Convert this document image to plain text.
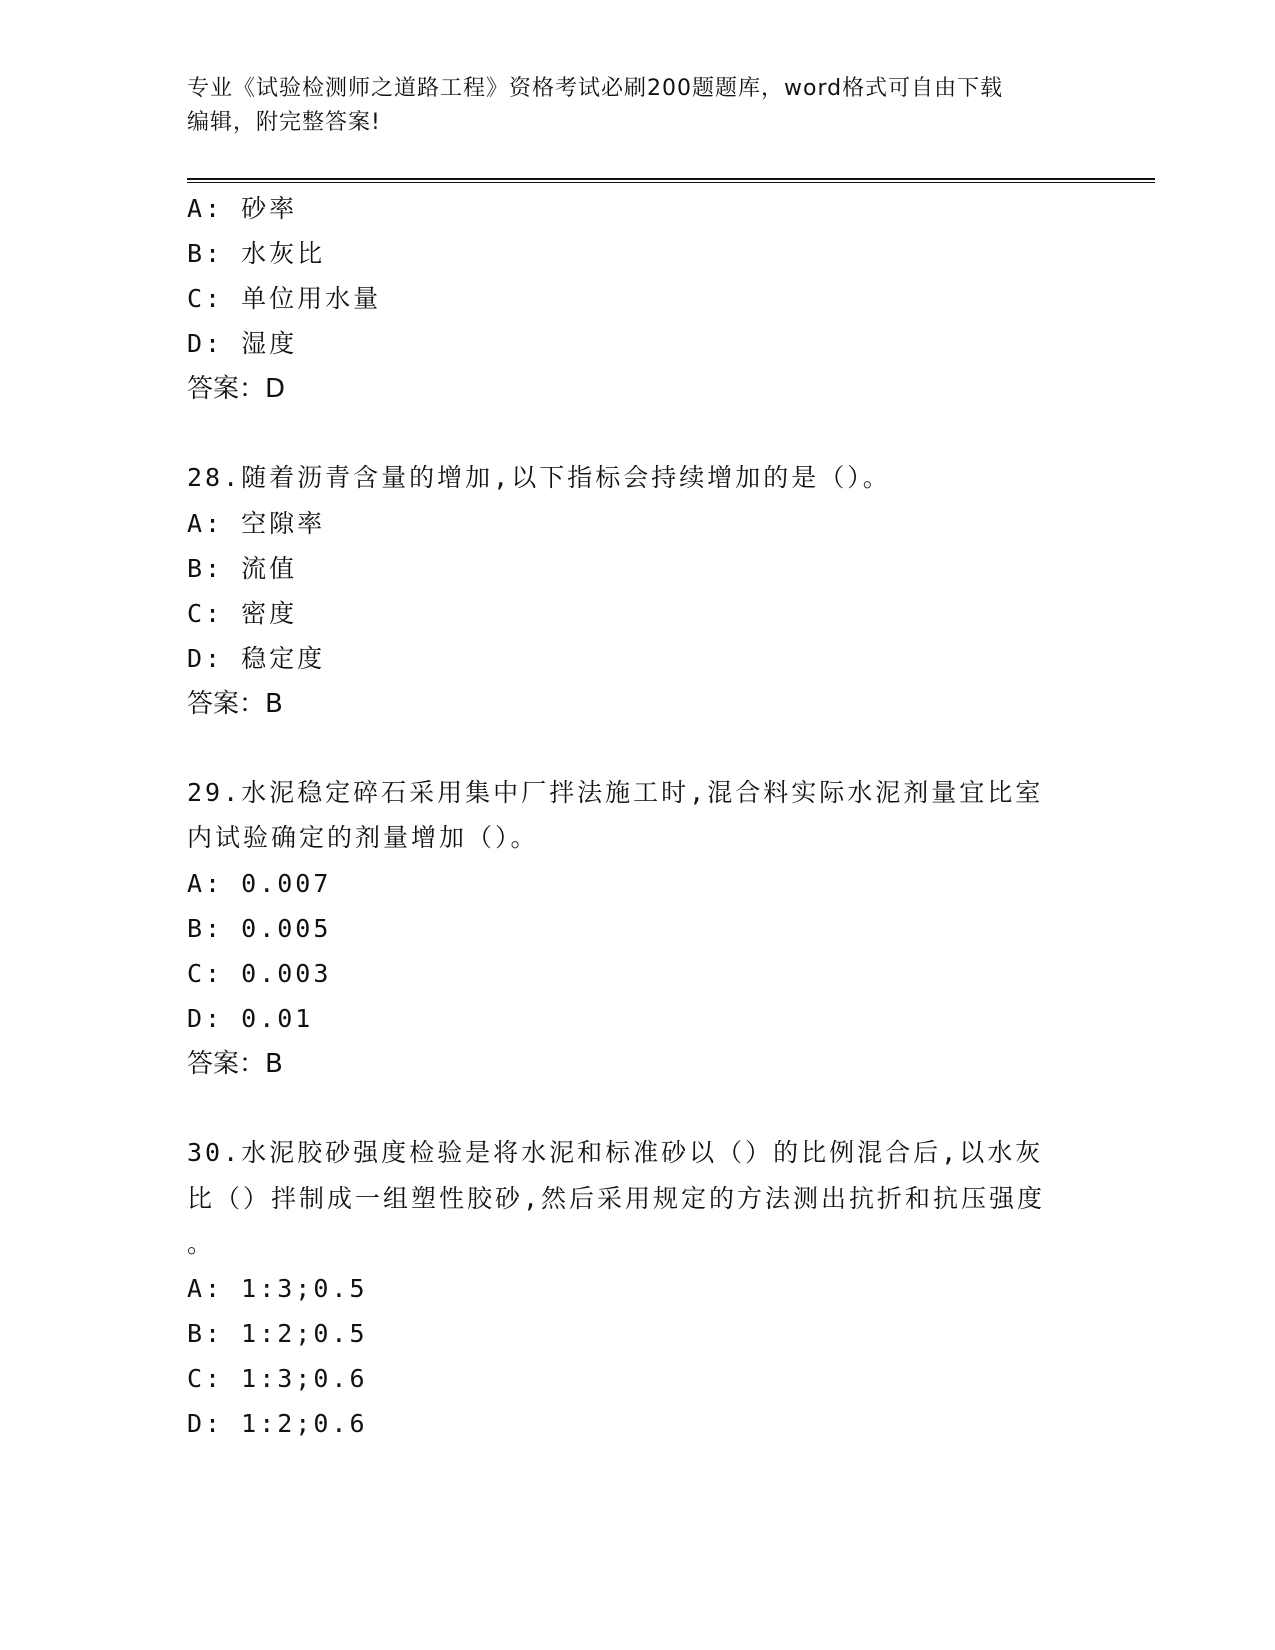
专业《试验检测师之道路工程》资格考试必刷200题题库，word格式可自由下载
编辑，附完整答案!
A: 砂率
B: 水灰比
C: 单位用水量
D: 湿度
答案：D
28.随着沥青含量的增加,以下指标会持续增加的是（）。
A: 空隙率
B: 流值
C: 密度
D: 稳定度
答案：B
29.水泥稳定碎石采用集中厂拌法施工时,混合料实际水泥剂量宜比室
内试验确定的剂量增加（）。
A: 0.007
B: 0.005
C: 0.003
D: 0.01
答案：B
30.水泥胶砂强度检验是将水泥和标准砂以（）的比例混合后,以水灰
比（）拌制成一组塑性胶砂,然后采用规定的方法测出抗折和抗压强度
。
A: 1:3;0.5
B: 1:2;0.5
C: 1:3;0.6
D: 1:2;0.6
